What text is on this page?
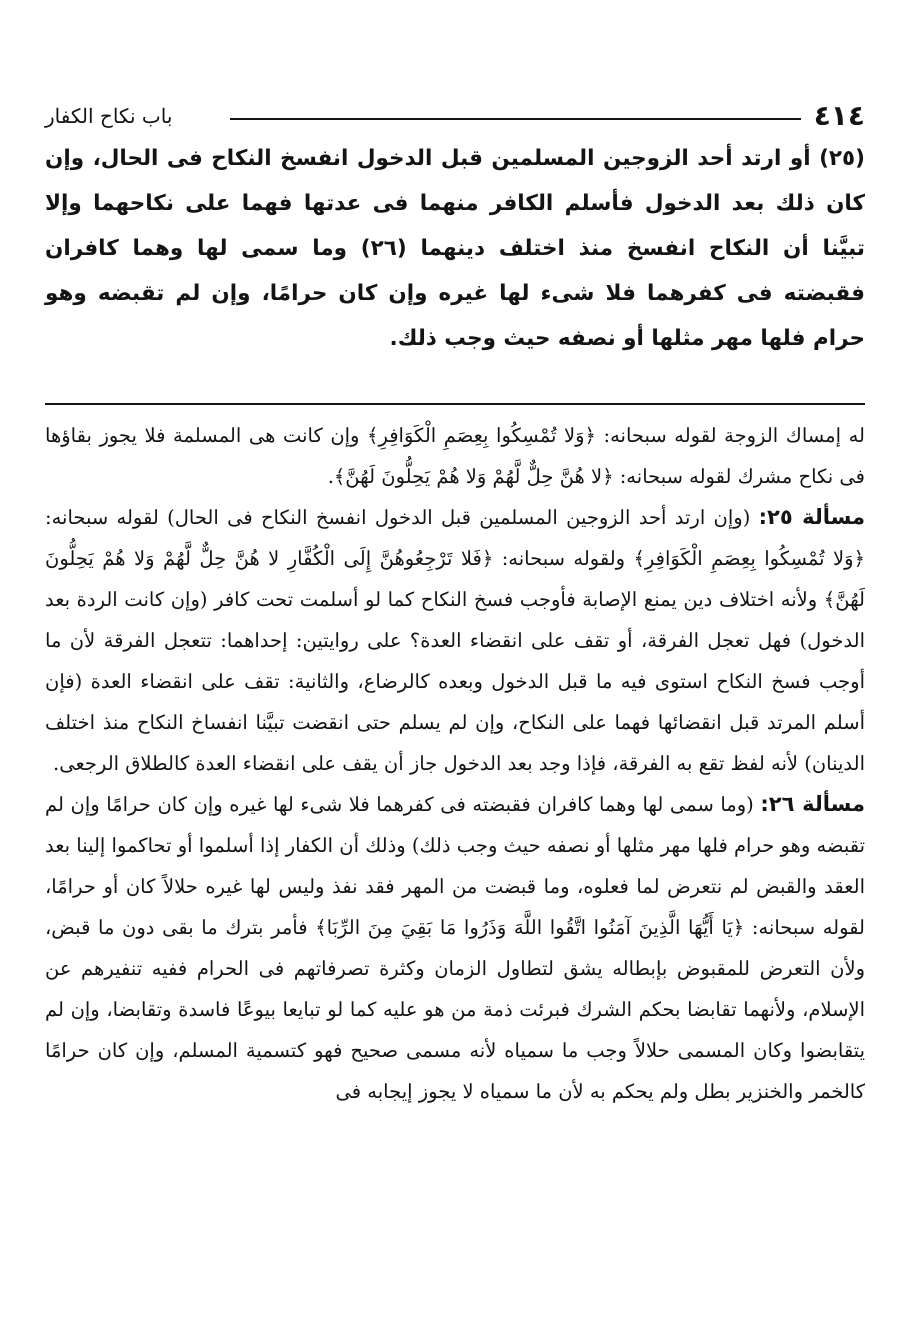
٤١٤
باب نكاح الكفار

(٢٥) أو ارتد أحد الزوجين المسلمين قبل الدخول انفسخ النكاح فى الحال، وإن كان ذلك بعد الدخول فأسلم الكافر منهما فى عدتها فهما على نكاحهما وإلا تبيَّنا أن النكاح انفسخ منذ اختلف دينهما (٢٦) وما سمى لها وهما كافران فقبضته فى كفرهما فلا شىء لها غيره وإن كان حرامًا، وإن لم تقبضه وهو حرام فلها مهر مثلها أو نصفه حيث وجب ذلك.

له إمساك الزوجة لقوله سبحانه: ﴿وَلا تُمْسِكُوا بِعِصَمِ الْكَوَافِرِ﴾ وإن كانت هى المسلمة فلا يجوز بقاؤها فى نكاح مشرك لقوله سبحانه: ﴿لا هُنَّ حِلٌّ لَّهُمْ وَلا هُمْ يَحِلُّونَ لَهُنَّ﴾.

مسألة ٢٥: (وإن ارتد أحد الزوجين المسلمين قبل الدخول انفسخ النكاح فى الحال) لقوله سبحانه: ﴿وَلا تُمْسِكُوا بِعِصَمِ الْكَوَافِرِ﴾ ولقوله سبحانه: ﴿فَلا تَرْجِعُوهُنَّ إِلَى الْكُفَّارِ لا هُنَّ حِلٌّ لَّهُمْ وَلا هُمْ يَحِلُّونَ لَهُنَّ﴾ ولأنه اختلاف دين يمنع الإصابة فأوجب فسخ النكاح كما لو أسلمت تحت كافر (وإن كانت الردة بعد الدخول) فهل تعجل الفرقة، أو تقف على انقضاء العدة؟ على روايتين: إحداهما: تتعجل الفرقة لأن ما أوجب فسخ النكاح استوى فيه ما قبل الدخول وبعده كالرضاع، والثانية: تقف على انقضاء العدة (فإن أسلم المرتد قبل انقضائها فهما على النكاح، وإن لم يسلم حتى انقضت تبيَّنا انفساخ النكاح منذ اختلف الدينان) لأنه لفظ تقع به الفرقة، فإذا وجد بعد الدخول جاز أن يقف على انقضاء العدة كالطلاق الرجعى.

مسألة ٢٦: (وما سمى لها وهما كافران فقبضته فى كفرهما فلا شىء لها غيره وإن كان حرامًا وإن لم تقبضه وهو حرام فلها مهر مثلها أو نصفه حيث وجب ذلك) وذلك أن الكفار إذا أسلموا أو تحاكموا إلينا بعد العقد والقبض لم نتعرض لما فعلوه، وما قبضت من المهر فقد نفذ وليس لها غيره حلالاً كان أو حرامًا، لقوله سبحانه: ﴿يَا أَيُّهَا الَّذِينَ آمَنُوا اتَّقُوا اللَّهَ وَذَرُوا مَا بَقِيَ مِنَ الرِّبَا﴾ فأمر بترك ما بقى دون ما قبض، ولأن التعرض للمقبوض بإبطاله يشق لتطاول الزمان وكثرة تصرفاتهم فى الحرام ففيه تنفيرهم عن الإسلام، ولأنهما تقابضا بحكم الشرك فبرئت ذمة من هو عليه كما لو تبايعا بيوعًا فاسدة وتقابضا، وإن لم يتقابضوا وكان المسمى حلالاً وجب ما سمياه لأنه مسمى صحيح فهو كتسمية المسلم، وإن كان حرامًا كالخمر والخنزير بطل ولم يحكم به لأن ما سمياه لا يجوز إيجابه فى
